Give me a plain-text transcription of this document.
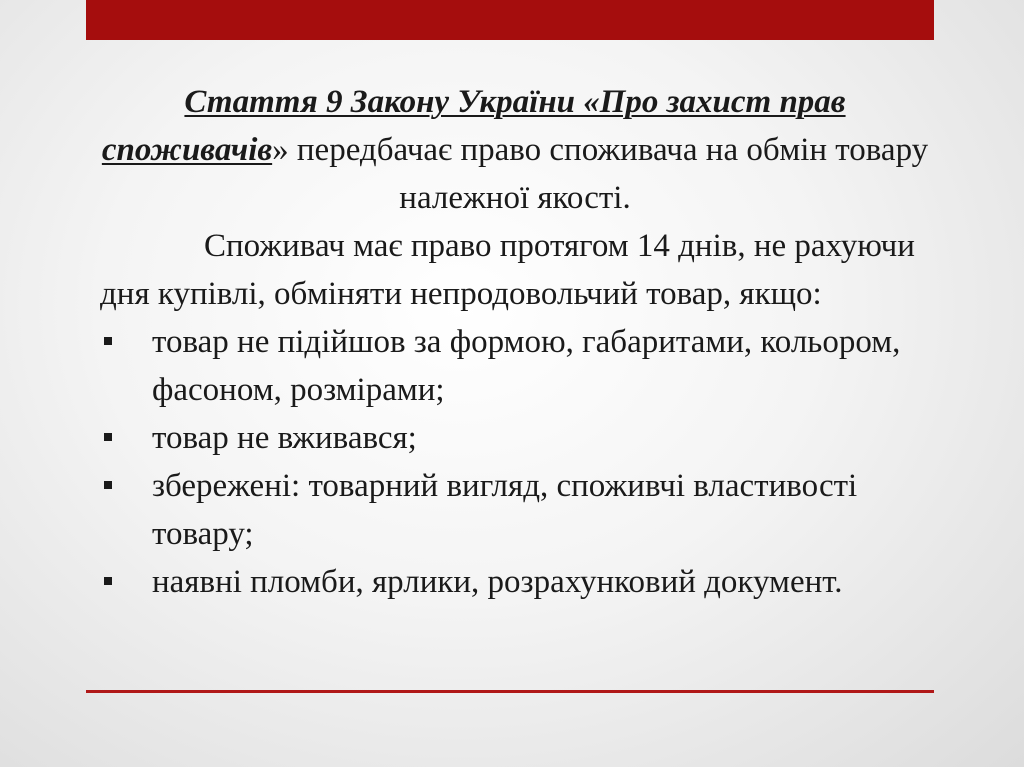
Стаття 9 Закону України «Про захист прав споживачів» передбачає право споживача на обмін товару належної якості.

Споживач має право протягом 14 днів, не рахуючи дня купівлі, обміняти непродовольчий товар, якщо:

товар не підійшов за формою, габаритами, кольором, фасоном, розмірами;
товар не вживався;
збережені: товарний вигляд, споживчі властивості товару;
наявні пломби, ярлики, розрахунковий документ.
